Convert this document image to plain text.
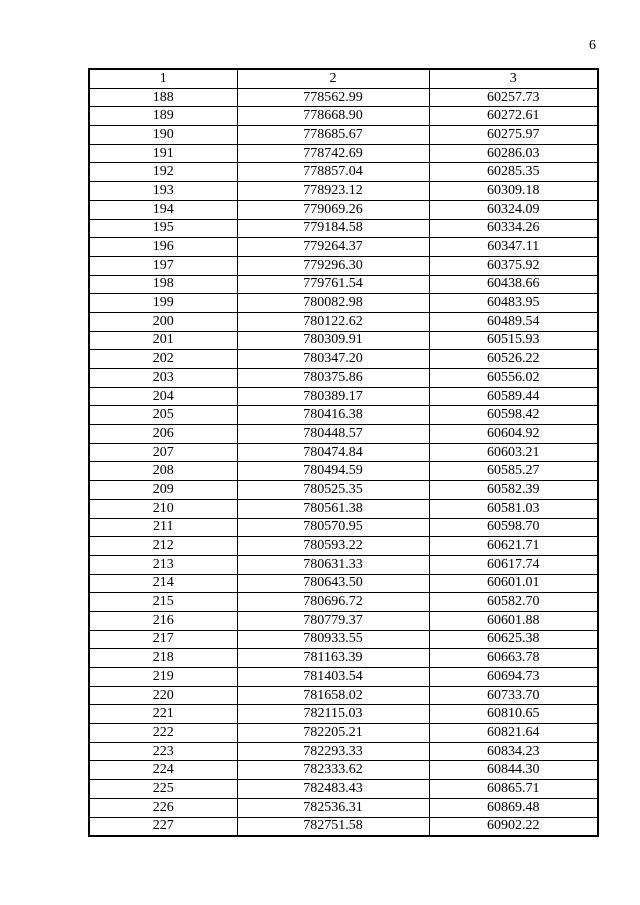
6
1	2	3
188	778562.99	60257.73
189	778668.90	60272.61
190	778685.67	60275.97
191	778742.69	60286.03
192	778857.04	60285.35
193	778923.12	60309.18
194	779069.26	60324.09
195	779184.58	60334.26
196	779264.37	60347.11
197	779296.30	60375.92
198	779761.54	60438.66
199	780082.98	60483.95
200	780122.62	60489.54
201	780309.91	60515.93
202	780347.20	60526.22
203	780375.86	60556.02
204	780389.17	60589.44
205	780416.38	60598.42
206	780448.57	60604.92
207	780474.84	60603.21
208	780494.59	60585.27
209	780525.35	60582.39
210	780561.38	60581.03
211	780570.95	60598.70
212	780593.22	60621.71
213	780631.33	60617.74
214	780643.50	60601.01
215	780696.72	60582.70
216	780779.37	60601.88
217	780933.55	60625.38
218	781163.39	60663.78
219	781403.54	60694.73
220	781658.02	60733.70
221	782115.03	60810.65
222	782205.21	60821.64
223	782293.33	60834.23
224	782333.62	60844.30
225	782483.43	60865.71
226	782536.31	60869.48
227	782751.58	60902.22
